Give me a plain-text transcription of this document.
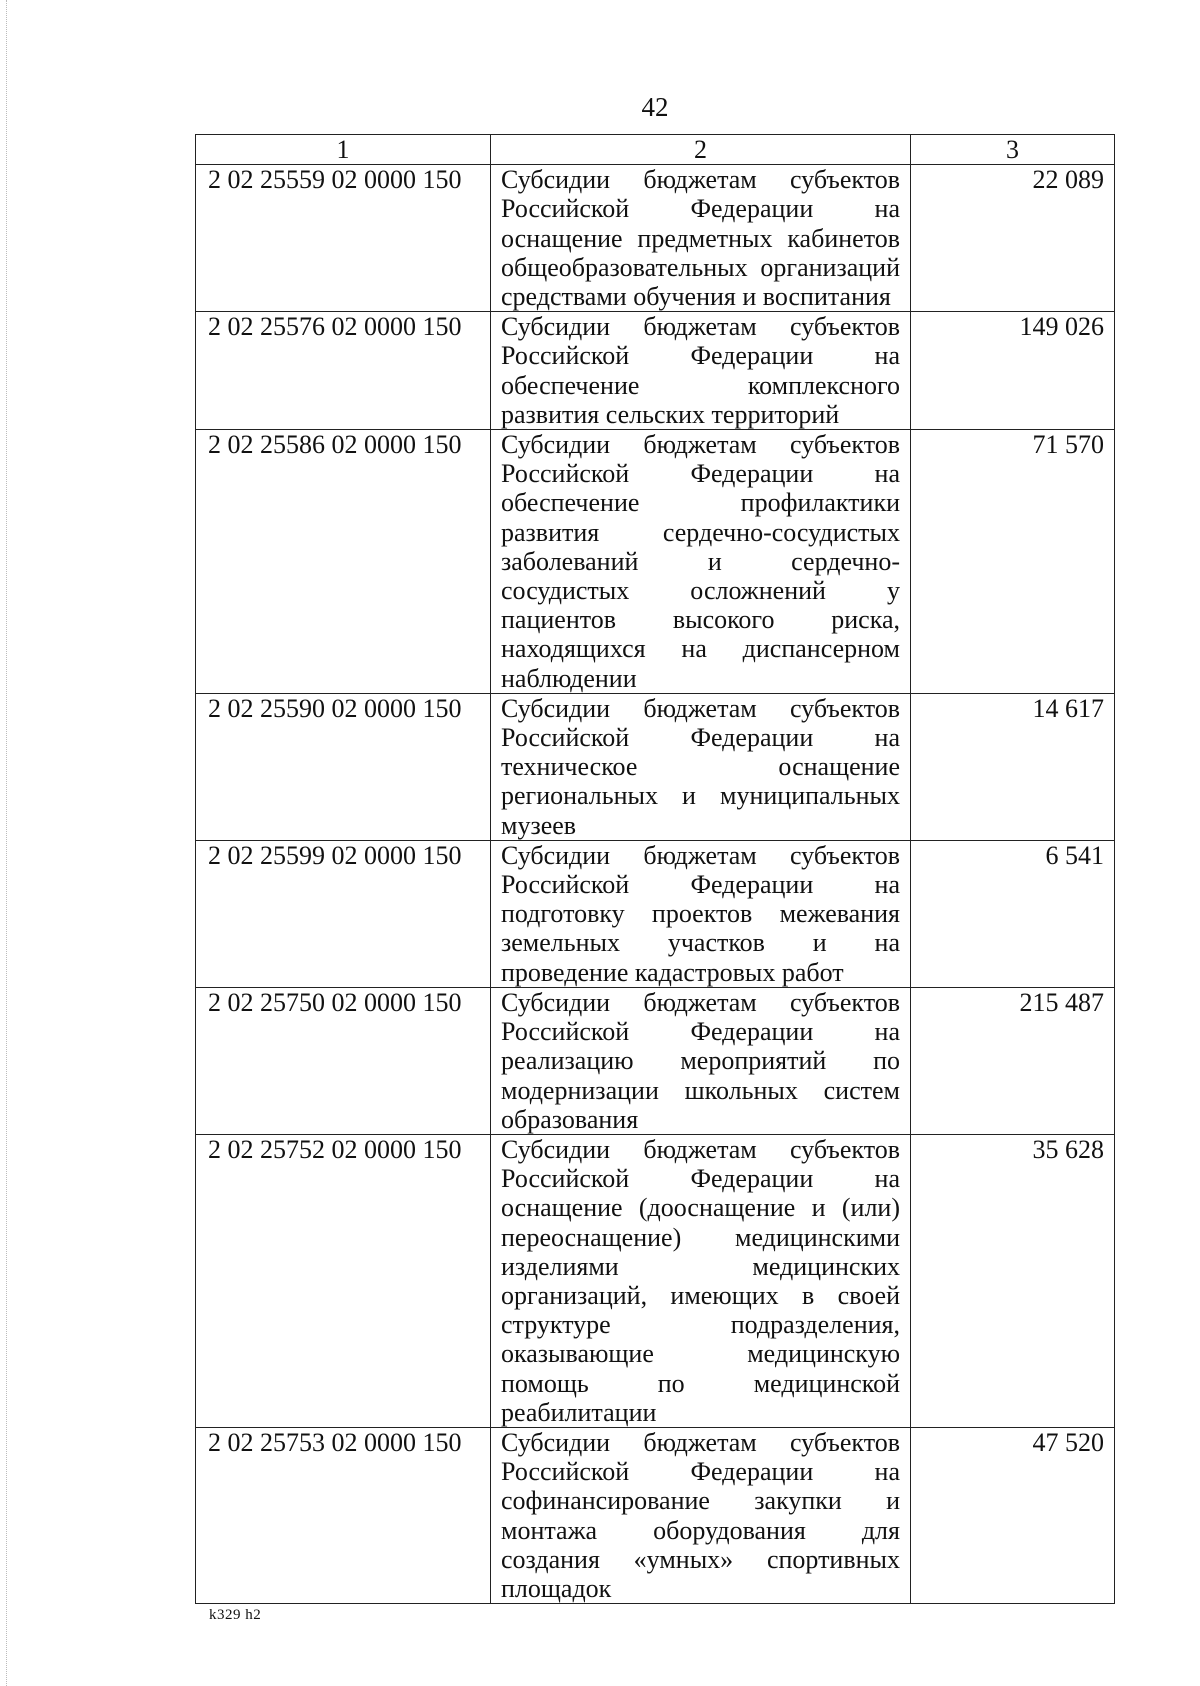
42
1	2	3
2 02 25559 02 0000 150	Субсидии бюджетам субъектов Российской Федерации на оснащение предметных кабинетов общеобразовательных организаций средствами обучения и воспитания	22 089
2 02 25576 02 0000 150	Субсидии бюджетам субъектов Российской Федерации на обеспечение комплексного развития сельских территорий	149 026
2 02 25586 02 0000 150	Субсидии бюджетам субъектов Российской Федерации на обеспечение профилактики развития сердечно-сосудистых заболеваний и сердечно-сосудистых осложнений у пациентов высокого риска, находящихся на диспансерном наблюдении	71 570
2 02 25590 02 0000 150	Субсидии бюджетам субъектов Российской Федерации на техническое оснащение региональных и муниципальных музеев	14 617
2 02 25599 02 0000 150	Субсидии бюджетам субъектов Российской Федерации на подготовку проектов межевания земельных участков и на проведение кадастровых работ	6 541
2 02 25750 02 0000 150	Субсидии бюджетам субъектов Российской Федерации на реализацию мероприятий по модернизации школьных систем образования	215 487
2 02 25752 02 0000 150	Субсидии бюджетам субъектов Российской Федерации на оснащение (дооснащение и (или) переоснащение) медицинскими изделиями медицинских организаций, имеющих в своей структуре подразделения, оказывающие медицинскую помощь по медицинской реабилитации	35 628
2 02 25753 02 0000 150	Субсидии бюджетам субъектов Российской Федерации на софинансирование закупки и монтажа оборудования для создания «умных» спортивных площадок	47 520
k329 h2
